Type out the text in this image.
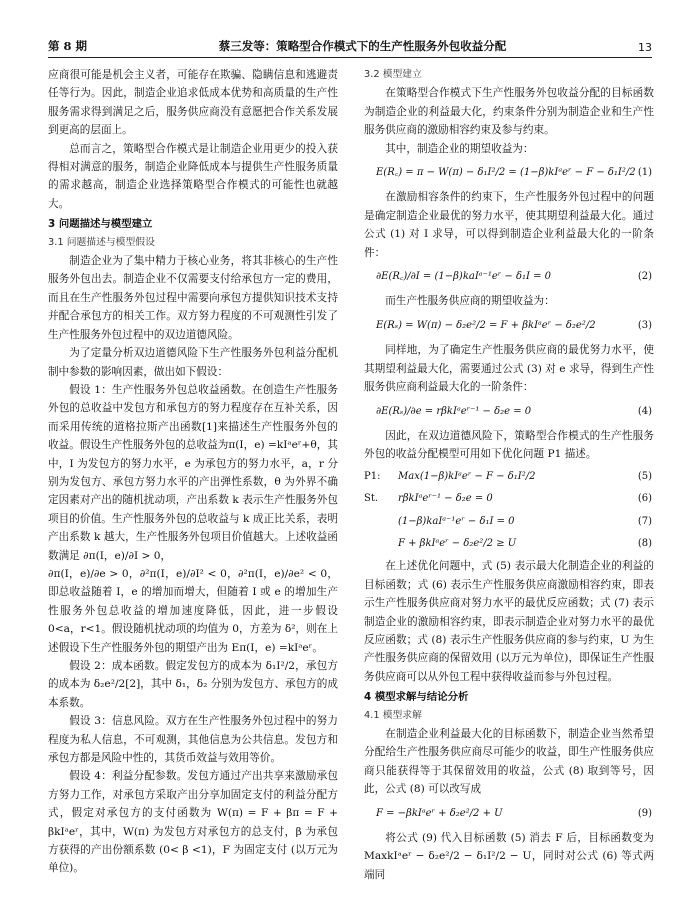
第 8 期	蔡三发等：策略型合作模式下的生产性服务外包收益分配	13

应商很可能是机会主义者，可能存在欺骗、隐瞒信息和逃避责任等行为。因此，制造企业追求低成本优势和高质量的生产性服务需求得到满足之后，服务供应商没有意愿把合作关系发展到更高的层面上。

总而言之，策略型合作模式是让制造企业用更少的投入获得相对满意的服务，制造企业降低成本与提供生产性服务质量的需求越高，制造企业选择策略型合作模式的可能性也就越大。

3 问题描述与模型建立
3.1 问题描述与模型假设

制造企业为了集中精力于核心业务，将其非核心的生产性服务外包出去。制造企业不仅需要支付给承包方一定的费用，而且在生产性服务外包过程中需要向承包方提供知识技术支持并配合承包方的相关工作。双方努力程度的不可观测性引发了生产性服务外包过程中的双边道德风险。

为了定量分析双边道德风险下生产性服务外包利益分配机制中参数的影响因素，做出如下假设：

假设 1：生产性服务外包总收益函数。在创造生产性服务外包的总收益中发包方和承包方的努力程度存在互补关系，因而采用传统的道格拉斯产出函数[1]来描述生产性服务外包的收益。假设生产性服务外包的总收益为π(I，e) =kIᵃeʳ+θ，其中，I 为发包方的努力水平，e 为承包方的努力水平，a，r 分别为发包方、承包方努力水平的产出弹性系数，θ 为外界不确定因素对产出的随机扰动项，产出系数 k 表示生产性服务外包项目的价值。生产性服务外包的总收益与 k 成正比关系，表明产出系数 k 越大，生产性服务外包项目价值越大。上述收益函数满足 ∂π(I，e)/∂I > 0，

∂π(I，e)/∂e > 0，∂²π(I，e)/∂I² < 0，∂²π(I，e)/∂e² < 0，即总收益随着 I，e 的增加而增大，但随着 I 或 e 的增加生产性服务外包总收益的增加速度降低，因此，进一步假设 0<a，r<1。假设随机扰动项的均值为 0，方差为 δ²，则在上述假设下生产性服务外包的期望产出为 Eπ(I，e) =kIᵃeʳ。

假设 2：成本函数。假定发包方的成本为 δ₁I²/2，承包方的成本为 δ₂e²/2[2]，其中 δ₁，δ₂ 分别为发包方、承包方的成本系数。

假设 3：信息风险。双方在生产性服务外包过程中的努力程度为私人信息，不可观测，其他信息为公共信息。发包方和承包方都是风险中性的，其货币效益与效用等价。

假设 4：利益分配参数。发包方通过产出共享来激励承包方努力工作，对承包方采取产出分享加固定支付的利益分配方式，假定对承包方的支付函数为 W(π) = F + βπ = F + βkIᵃeʳ，其中，W(π) 为发包方对承包方的总支付，β 为承包方获得的产出份额系数 (0< β <1)，F 为固定支付 (以万元为单位)。

3.2 模型建立

在策略型合作模式下生产性服务外包收益分配的目标函数为制造企业的利益最大化，约束条件分别为制造企业和生产性服务供应商的激励相容约束及参与约束。

其中，制造企业的期望收益为：

E(R꜀) = π − W(π) − δ₁I²/2 = (1−β)kIᵃeʳ − F − δ₁I²/2 (1)

在激励相容条件的约束下，生产性服务外包过程中的问题是确定制造企业最优的努力水平，使其期望利益最大化。通过公式 (1) 对 I 求导，可以得到制造企业利益最大化的一阶条件：

∂E(R꜀)/∂I = (1−β)kaIᵃ⁻¹eʳ − δ₁I = 0	(2)

而生产性服务供应商的期望收益为：

E(Rₛ) = W(π) − δ₂e²/2 = F + βkIᵃeʳ − δ₂e²/2	(3)

同样地，为了确定生产性服务供应商的最优努力水平，使其期望利益最大化，需要通过公式 (3) 对 e 求导，得到生产性服务供应商利益最大化的一阶条件：

∂E(Rₛ)/∂e = rβkIᵃeʳ⁻¹ − δ₂e = 0	(4)

因此，在双边道德风险下，策略型合作模式的生产性服务外包的收益分配模型可用如下优化问题 P1 描述。

P1:	Max(1−β)kIᵃeʳ − F − δ₁I²/2	(5)
St.	rβkIᵃeʳ⁻¹ − δ₂e = 0	(6)
(1−β)kaIᵃ⁻¹eʳ − δ₁I = 0	(7)
F + βkIᵃeʳ − δ₂e²/2 ≥ U	(8)

在上述优化问题中，式 (5) 表示最大化制造企业的利益的目标函数；式 (6) 表示生产性服务供应商激励相容约束，即表示生产性服务供应商对努力水平的最优反应函数；式 (7) 表示制造企业的激励相容约束，即表示制造企业对努力水平的最优反应函数；式 (8) 表示生产性服务供应商的参与约束，U 为生产性服务供应商的保留效用 (以万元为单位)，即保证生产性服务供应商可以从外包工程中获得收益而参与外包过程。

4 模型求解与结论分析
4.1 模型求解

在制造企业利益最大化的目标函数下，制造企业当然希望分配给生产性服务供应商尽可能少的收益，即生产性服务供应商只能获得等于其保留效用的收益，公式 (8) 取到等号，因此，公式 (8) 可以改写成

F = −βkIᵃeʳ + δ₂e²/2 + U	(9)

将公式 (9) 代入目标函数 (5) 消去 F 后，目标函数变为 MaxkIᵃeʳ − δ₂e²/2 − δ₁I²/2 − U，同时对公式 (6) 等式两端同
